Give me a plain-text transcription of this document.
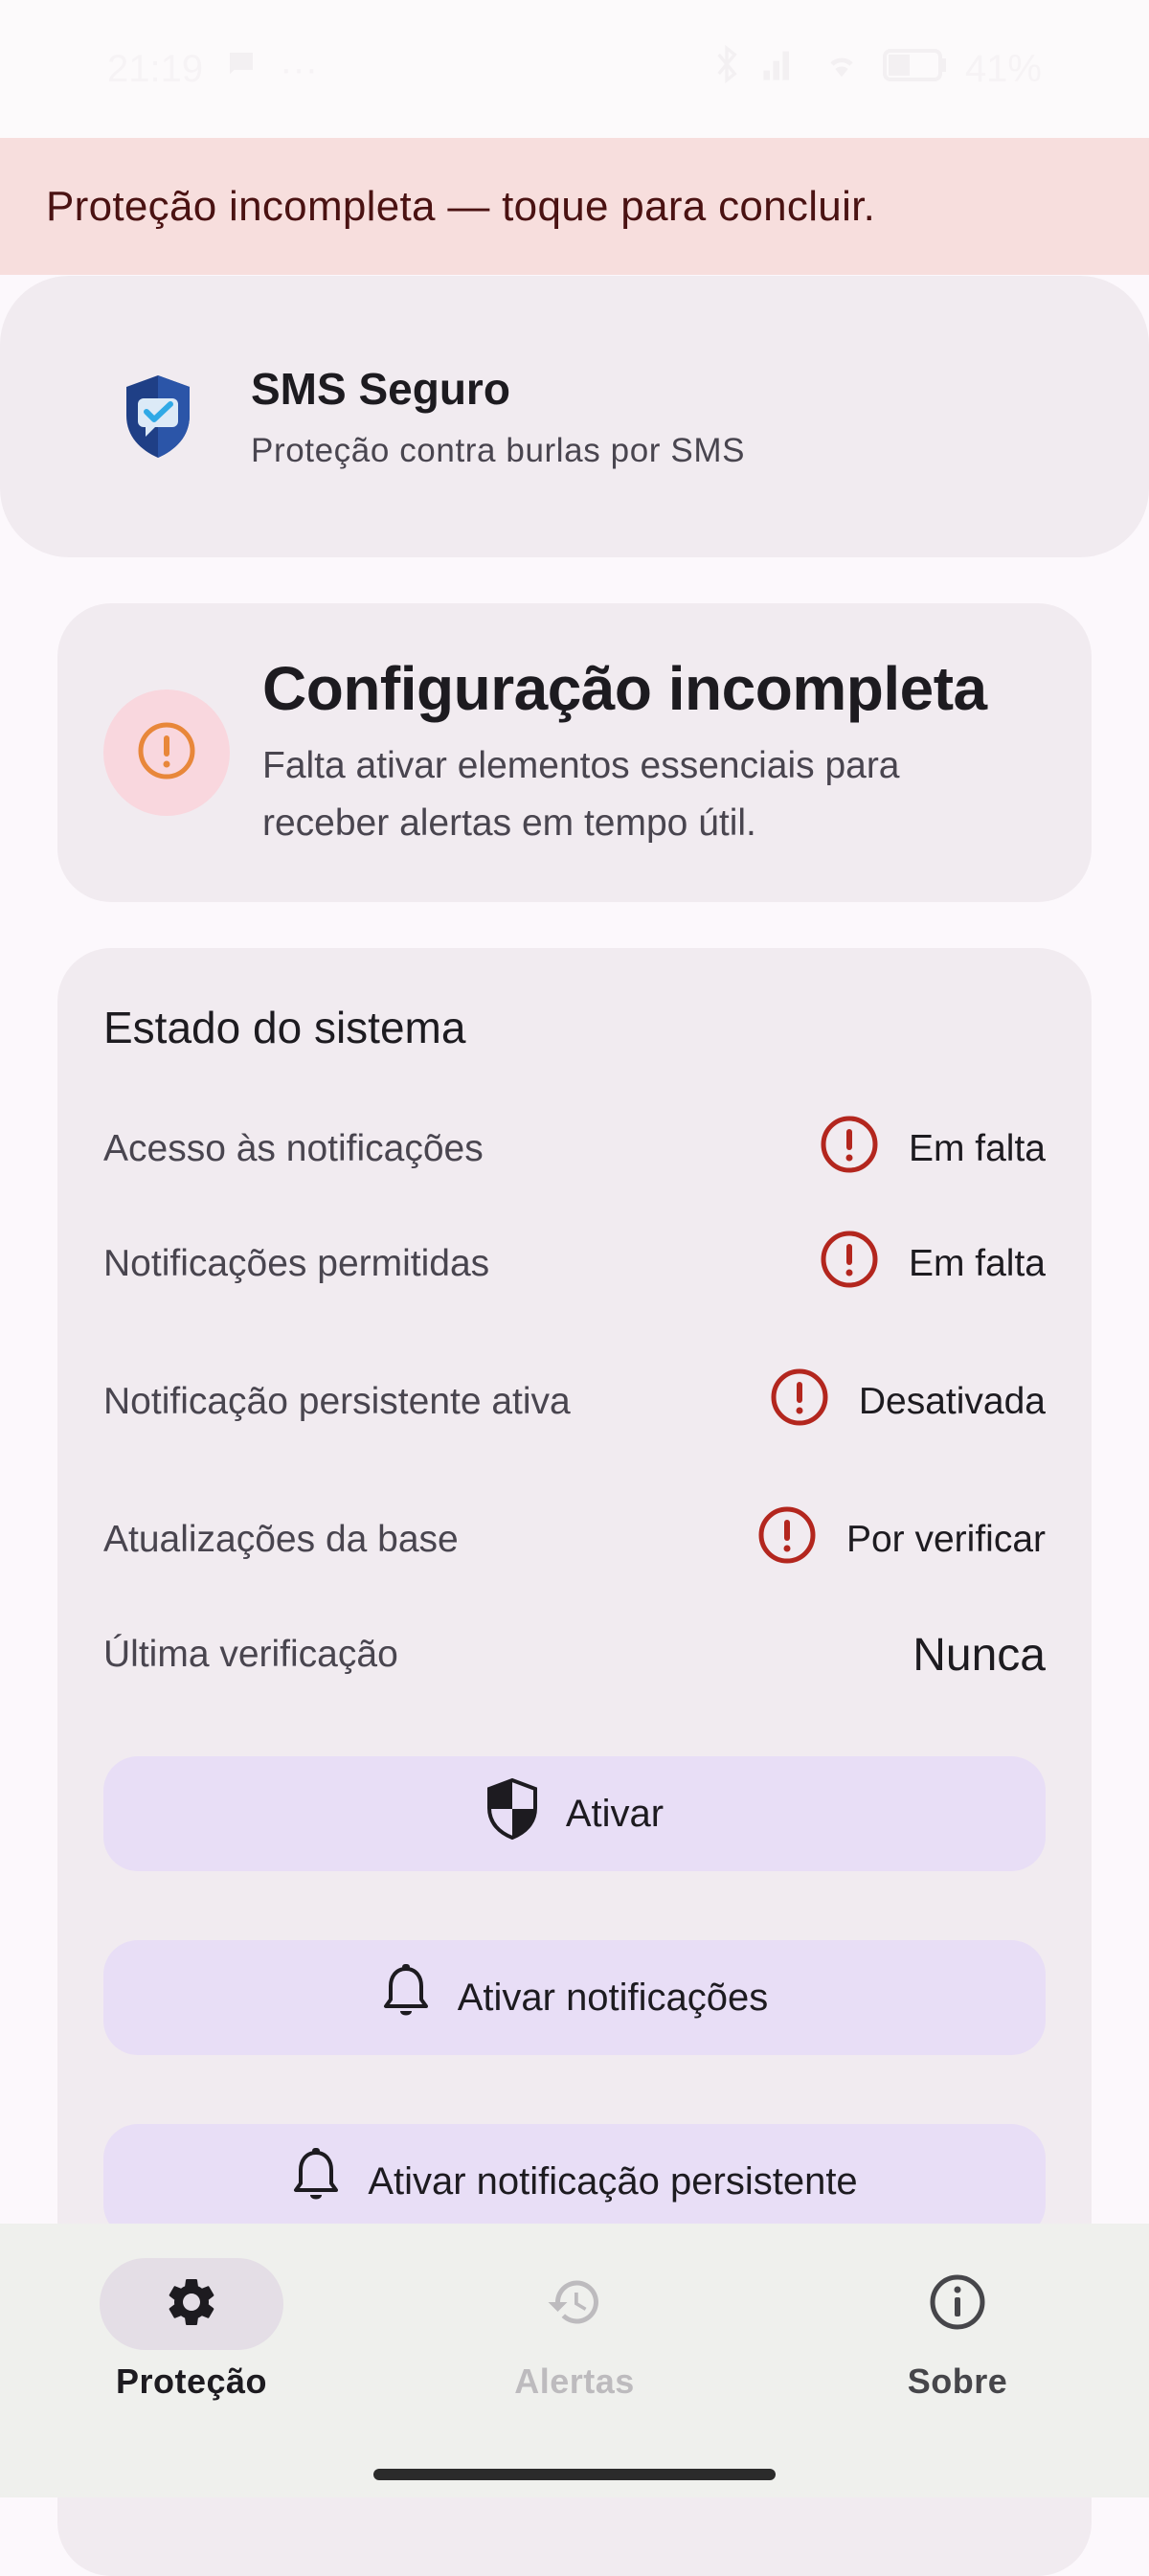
21:19 ···	41%
Proteção incompleta — toque para concluir.
SMS Seguro
Proteção contra burlas por SMS
Configuração incompleta
Falta ativar elementos essenciais para receber alertas em tempo útil.
Estado do sistema
Acesso às notificações	Em falta
Notificações permitidas	Em falta
Notificação persistente ativa	Desativada
Atualizações da base	Por verificar
Última verificação	Nunca
Ativar
Ativar notificações
Ativar notificação persistente
Proteção	Alertas	Sobre
